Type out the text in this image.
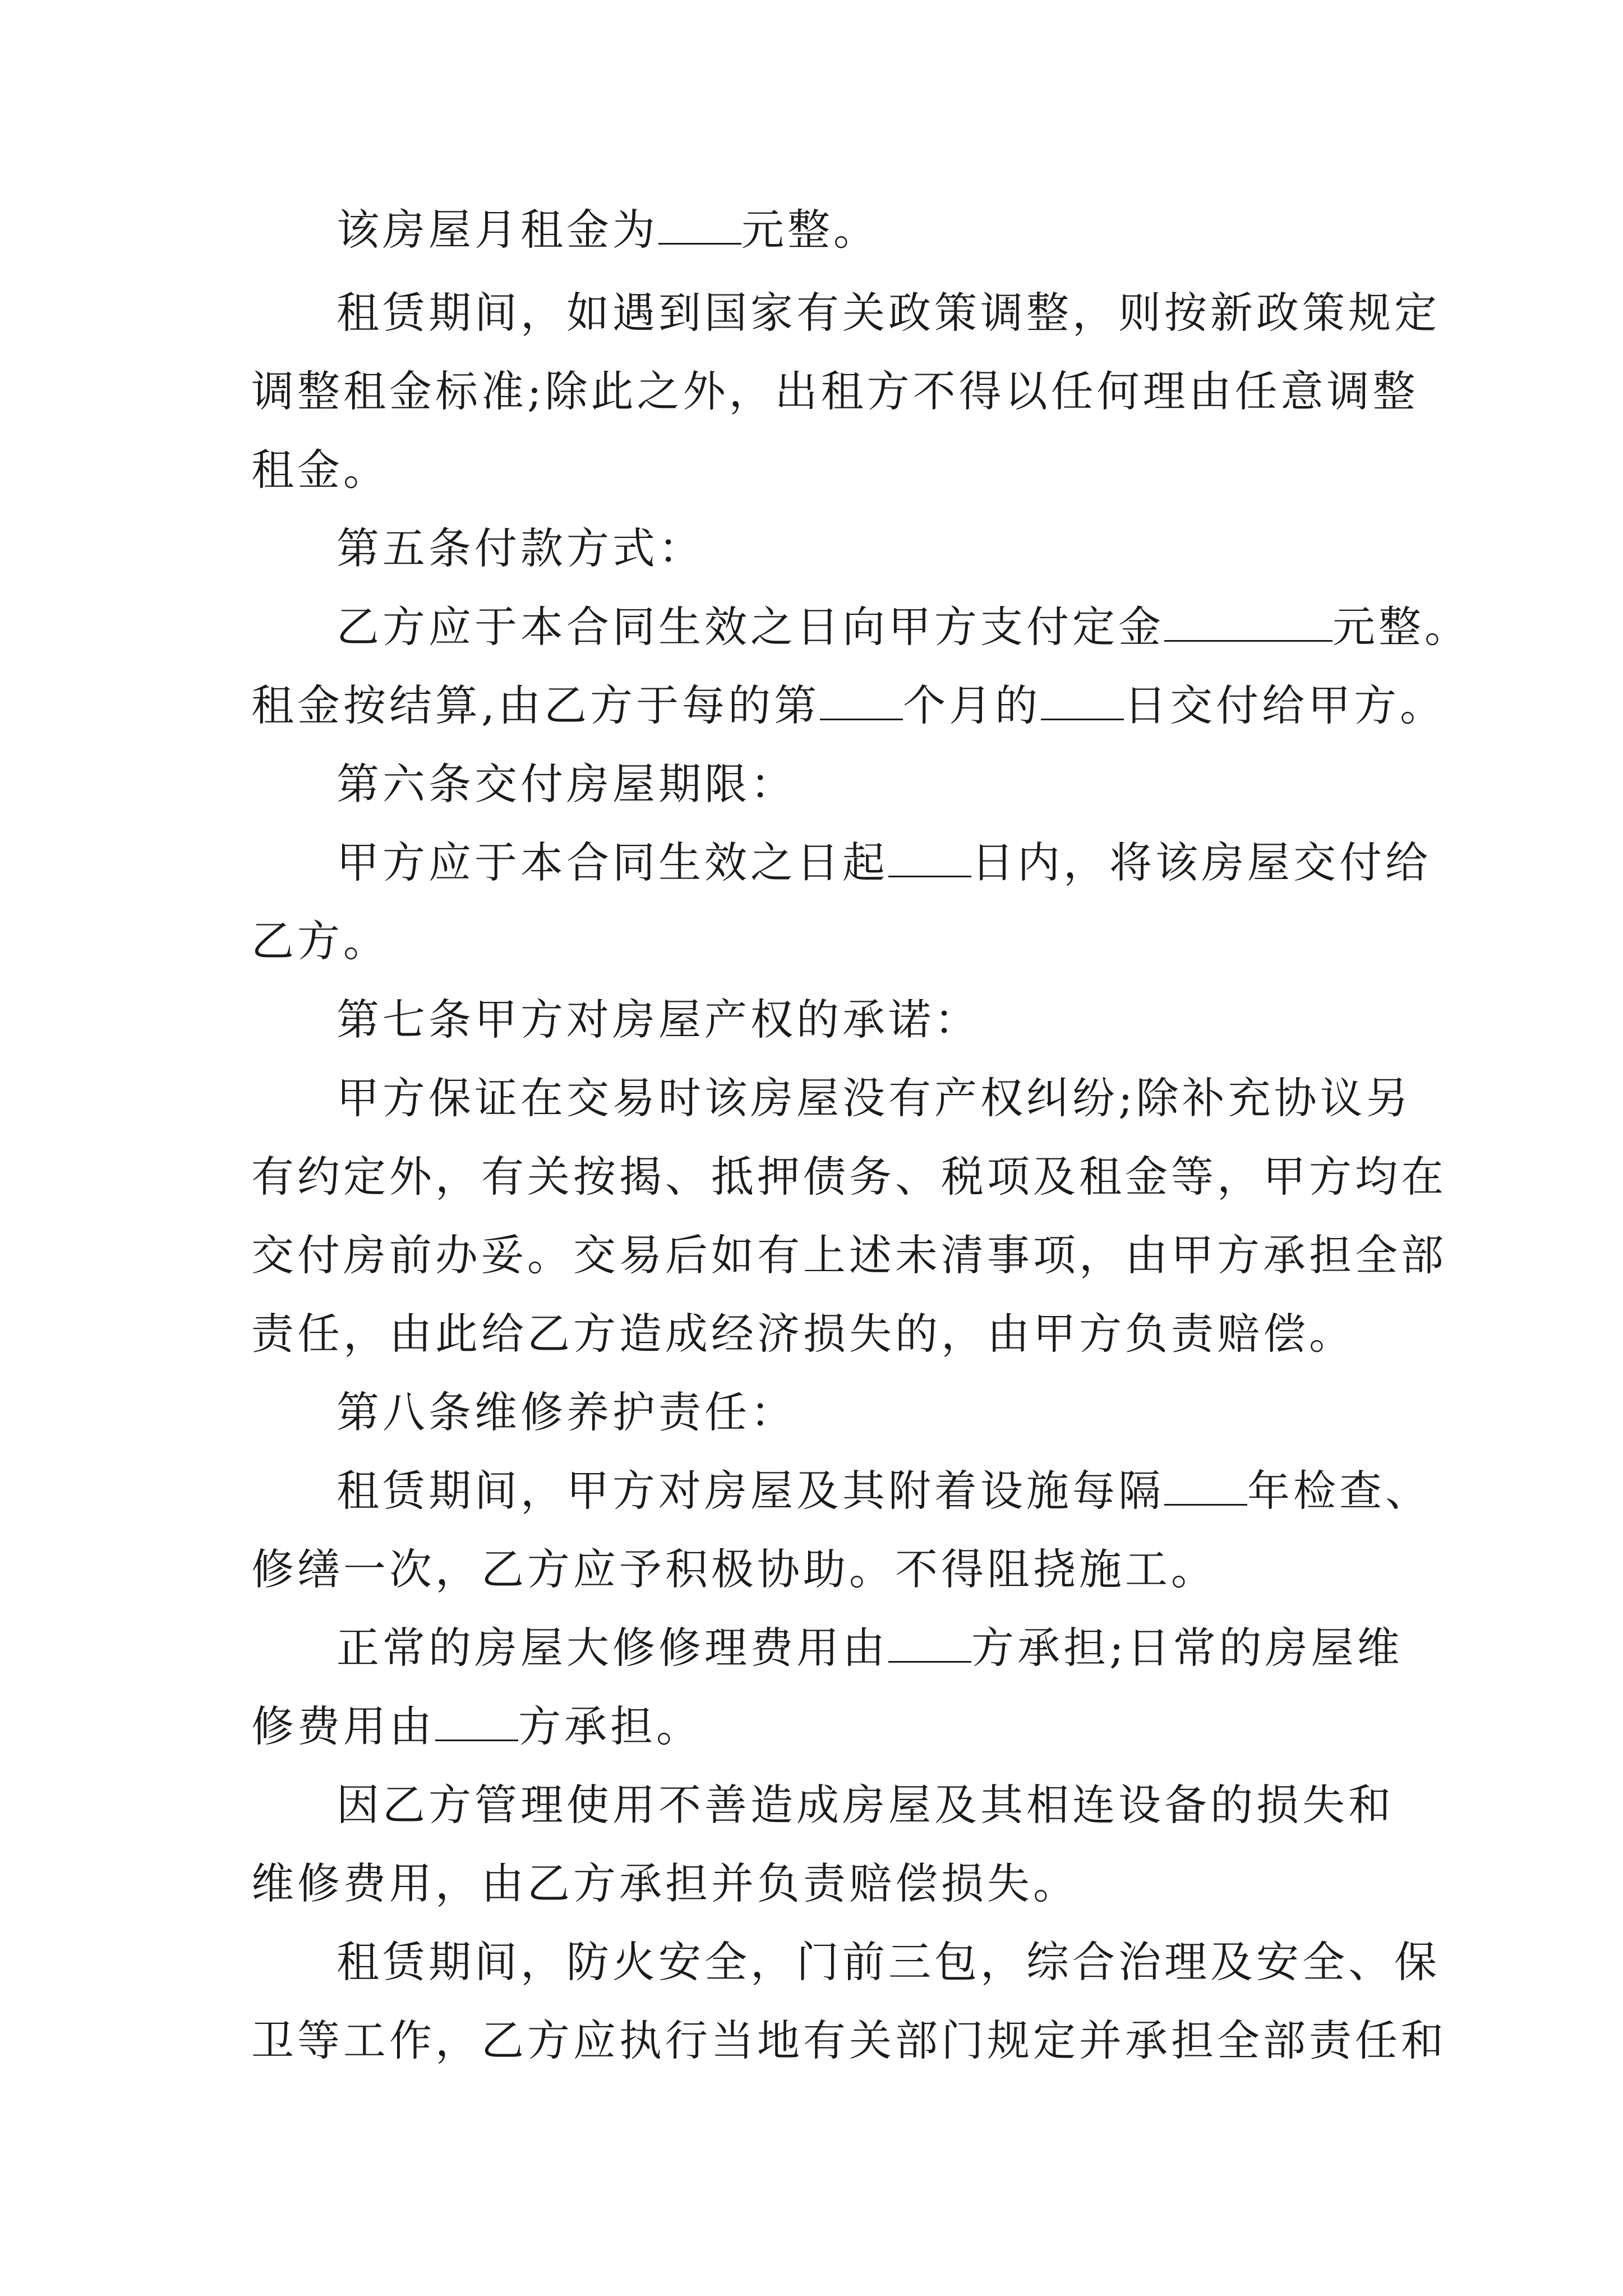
该房屋月租金为 元整。
租赁期间，如遇到国家有关政策调整，则按新政策规定
调整租金标准;除此之外，出租方不得以任何理由任意调整
租金。
第五条付款方式：
乙方应于本合同生效之日向甲方支付定金	元整。
租金按结算,由乙方于每的第 个月的 日交付给甲方。
第六条交付房屋期限：
甲方应于本合同生效之日起 日内，将该房屋交付给
乙方。
第七条甲方对房屋产权的承诺：
甲方保证在交易时该房屋没有产权纠纷;除补充协议另
有约定外，有关按揭、抵押债务、税项及租金等，甲方均在
交付房前办妥。交易后如有上述未清事项，由甲方承担全部
责任，由此给乙方造成经济损失的，由甲方负责赔偿。
第八条维修养护责任：
租赁期间，甲方对房屋及其附着设施每隔 年检查、
修缮一次，乙方应予积极协助。不得阻挠施工。
正常的房屋大修修理费用由 方承担;日常的房屋维
修费用由 方承担。
因乙方管理使用不善造成房屋及其相连设备的损失和
维修费用，由乙方承担并负责赔偿损失。
租赁期间，防火安全，门前三包，综合治理及安全、保
卫等工作，乙方应执行当地有关部门规定并承担全部责任和
